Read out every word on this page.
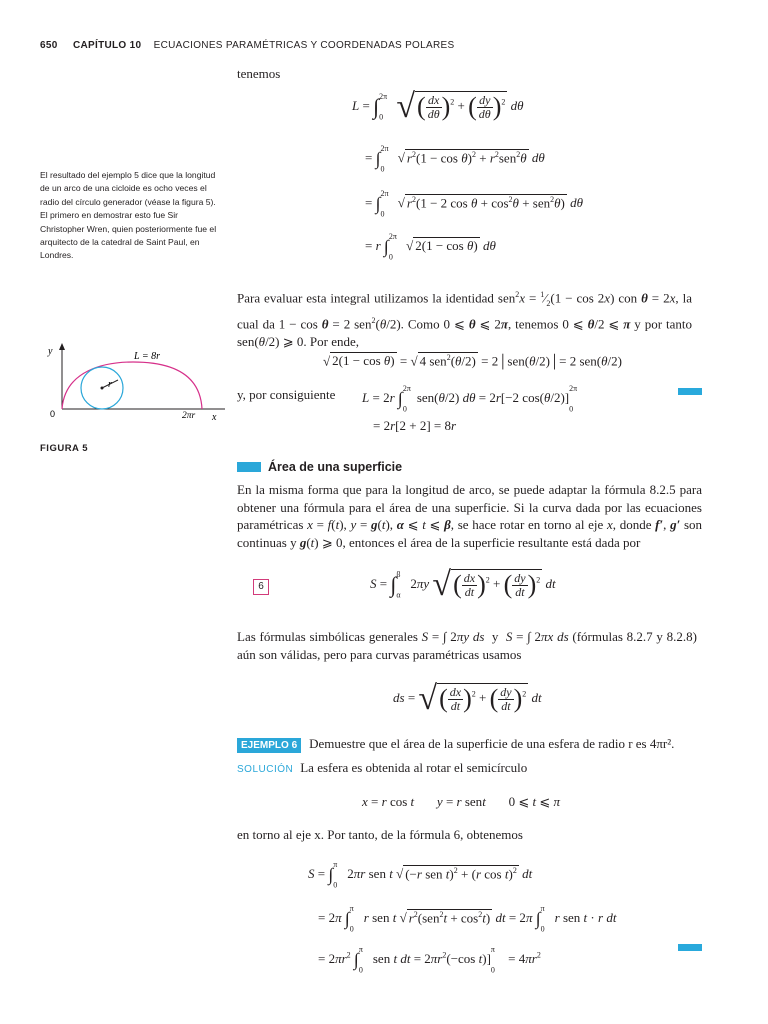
650 CAPÍTULO 10 ECUACIONES PARAMÉTRICAS Y COORDENADAS POLARES
El resultado del ejemplo 5 dice que la longitud de un arco de una cicloide es ocho veces el radio del círculo generador (véase la figura 5). El primero en demostrar esto fue Sir Christopher Wren, quien posteriormente fue el arquitecto de la catedral de Saint Paul, en Londres.
y
x
L = 8r
r
0	2πr
FIGURA 5
tenemos
L = ∫$^{2\pi}$
$_0$ √( $\frac{dx}{d\theta} )^2$ + ( $\frac{dy}{d\theta} )^2$ dθ
= ∫$^{2\pi}$
$_0$ √ $r^2(1 - \cos \theta)^2 + r^2sen^2\theta$ dθ
= ∫$^{2\pi}$
$_0$ √ $r^2(1 - 2$ $\cos \theta + \cos^2\theta + sen^2\theta$) dθ
= r ∫$^{2\pi}$
$_0$ √ 2(1 − cos θ) dθ
Para evaluar esta integral utilizamos la identidad $sen^2x = ^1⁄_2(1 - \cos 2x)$ con θ = 2x, la cual da 1 − cos θ = 2 sen$^2$(θ/2). Como 0 ⩽ θ ⩽ 2π, tenemos 0 ⩽ θ/2 ⩽ π y por tanto sen(θ/2) ⩾ 0. Por ende,
√ 2(1 − cos θ) = √ 4 sen$^2$(θ/2) = 2│sen(θ/2)│= 2 sen(θ/2)
y, por consiguiente L = 2r ∫$^{2\pi}$
$_0$sen(θ/2) dθ = 2r[−2 cos(θ/2)]$^{2\pi}$
$_0$
= 2r[2 + 2] = 8r
Área de una superficie
En la misma forma que para la longitud de arco, se puede adaptar la fórmula 8.2.5 para obtener una fórmula para el área de una superficie. Si la curva dada por las ecuaciones paramétricas x = f(t), y = g(t), α ⩽ t ⩽ β, se hace rotar en torno al eje x, donde f′, g′ son continuas y g(t) ⩾ 0, entonces el área de la superficie resultante está dada por
6	S = ∫$^\beta$
$_\alpha$2πy √( $\frac{dx}{dt} )^2$ + ( $\frac{dy}{dt} )^2$ dt
Las fórmulas simbólicas generales S = ∫ 2πy ds  y  S = ∫ 2πx ds (fórmulas 8.2.7 y 8.2.8) aún son válidas, pero para curvas paramétricas usamos
ds = √( $\frac{dx}{dt} )^2$ + ( $\frac{dy}{dt} )^2$ dt
EJEMPLO 6 Demuestre que el área de la superficie de una esfera de radio r es 4πr².
SOLUCIÓN La esfera es obtenida al rotar el semicírculo
x = r cos t y = r sent       0 ⩽ t ⩽ π
en torno al eje x. Por tanto, de la fórmula 6, obtenemos
S = ∫$^\pi$
$_0$2πr sen t √ (−r sen t)$^2$ + (r cos t)$^2$ dt
= 2π ∫$^\pi$
$_0$r sen t √ $r^2(sen^2t + \cos^2t)$ dt = 2π ∫$^\pi$
$_0$r sen t · r dt
= $2\pi r^2$ ∫$^\pi$
$_0$sen t dt = $2\pi r^2(-\cos$ t)]$^\pi$
$_0 = 4\pi r^2$
